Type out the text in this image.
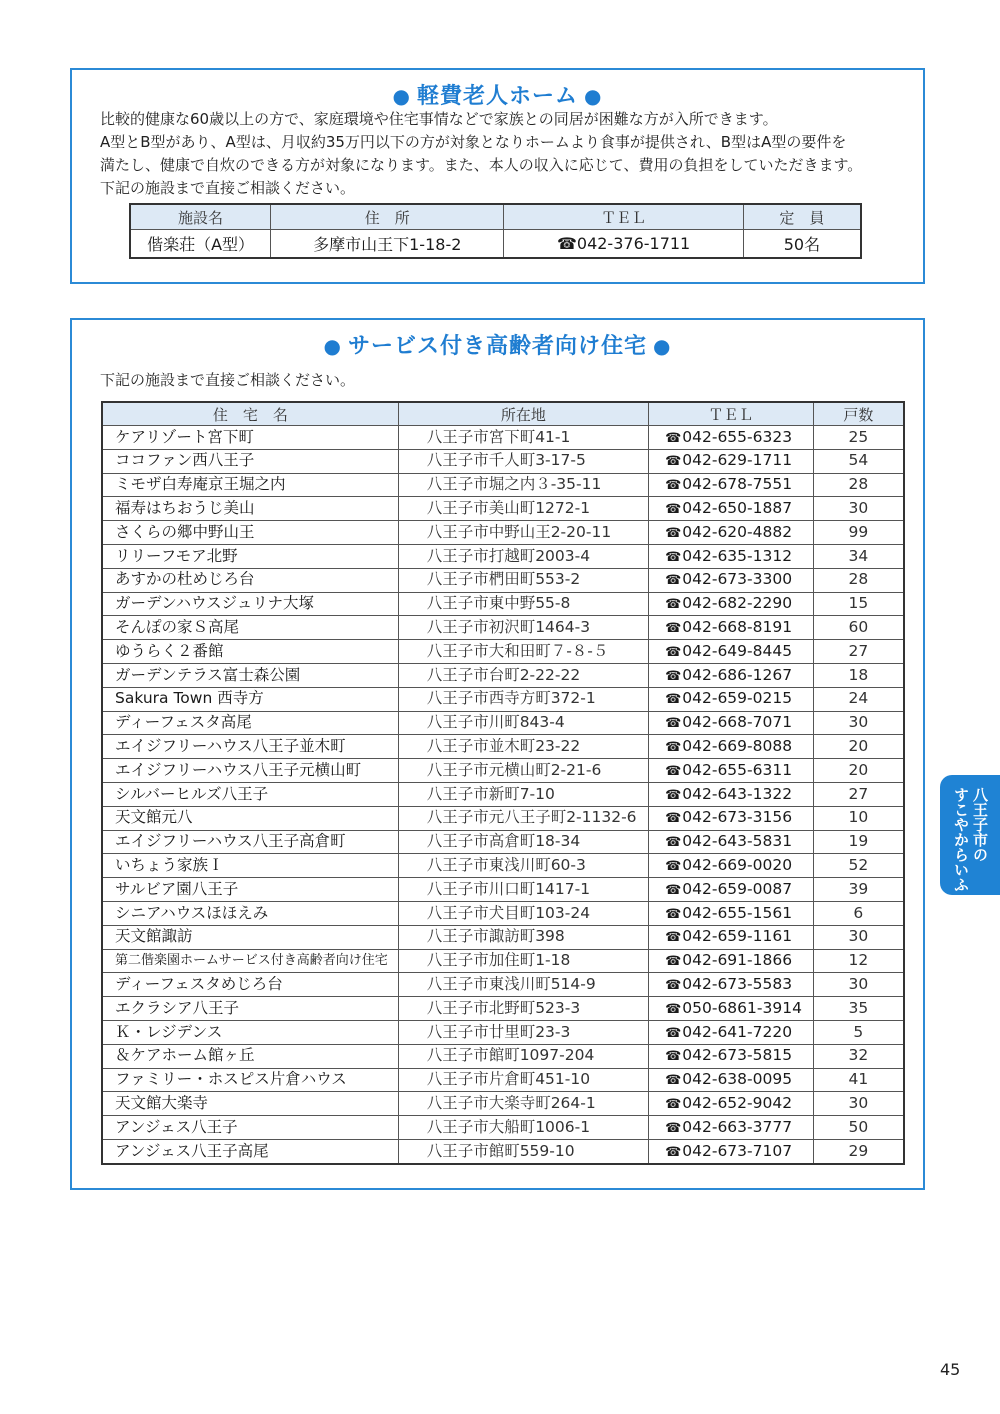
● 軽費老人ホーム ●
比較的健康な60歳以上の方で、家庭環境や住宅事情などで家族との同居が困難な方が入所できます。
A型とB型があり、A型は、月収約35万円以下の方が対象となりホームより食事が提供され、B型はA型の要件を
満たし、健康で自炊のできる方が対象になります。また、本人の収入に応じて、費用の負担をしていただきます。
下記の施設まで直接ご相談ください。
施設名	住　所	ＴＥＬ	定　員
偕楽荘（A型）	多摩市山王下1-18-2	☎042-376-1711	50名
● サービス付き高齢者向け住宅 ●
下記の施設まで直接ご相談ください。
住　宅　名	所在地	ＴＥＬ	戸数
ケアリゾート宮下町	八王子市宮下町41-1	☎042-655-6323	25
ココファン西八王子	八王子市千人町3-17-5	☎042-629-1711	54
ミモザ白寿庵京王堀之内	八王子市堀之内３-35-11	☎042-678-7551	28
福寿はちおうじ美山	八王子市美山町1272-1	☎042-650-1887	30
さくらの郷中野山王	八王子市中野山王2-20-11	☎042-620-4882	99
リリーフモア北野	八王子市打越町2003-4	☎042-635-1312	34
あすかの杜めじろ台	八王子市椚田町553-2	☎042-673-3300	28
ガーデンハウスジュリナ大塚	八王子市東中野55-8	☎042-682-2290	15
そんぽの家Ｓ高尾	八王子市初沢町1464-3	☎042-668-8191	60
ゆうらく２番館	八王子市大和田町７-８-５	☎042-649-8445	27
ガーデンテラス富士森公園	八王子市台町2-22-22	☎042-686-1267	18
Sakura Town 西寺方	八王子市西寺方町372-1	☎042-659-0215	24
ディーフェスタ高尾	八王子市川町843-4	☎042-668-7071	30
エイジフリーハウス八王子並木町	八王子市並木町23-22	☎042-669-8088	20
エイジフリーハウス八王子元横山町	八王子市元横山町2-21-6	☎042-655-6311	20
シルバーヒルズ八王子	八王子市新町7-10	☎042-643-1322	27
天文館元八	八王子市元八王子町2-1132-6	☎042-673-3156	10
エイジフリーハウス八王子高倉町	八王子市高倉町18-34	☎042-643-5831	19
いちょう家族Ｉ	八王子市東浅川町60-3	☎042-669-0020	52
サルビア園八王子	八王子市川口町1417-1	☎042-659-0087	39
シニアハウスほほえみ	八王子市犬目町103-24	☎042-655-1561	6
天文館諏訪	八王子市諏訪町398	☎042-659-1161	30
第二偕楽園ホームサービス付き高齢者向け住宅	八王子市加住町1-18	☎042-691-1866	12
ディーフェスタめじろ台	八王子市東浅川町514-9	☎042-673-5583	30
エクラシア八王子	八王子市北野町523-3	☎050-6861-3914	35
Ｋ・レジデンス	八王子市廿里町23-3	☎042-641-7220	5
＆ケアホーム館ヶ丘	八王子市館町1097-204	☎042-673-5815	32
ファミリー・ホスピス片倉ハウス	八王子市片倉町451-10	☎042-638-0095	41
天文館大楽寺	八王子市大楽寺町264-1	☎042-652-9042	30
アンジェス八王子	八王子市大船町1006-1	☎042-663-3777	50
アンジェス八王子高尾	八王子市館町559-10	☎042-673-7107	29
八王子市の
すこやからいふ
45
